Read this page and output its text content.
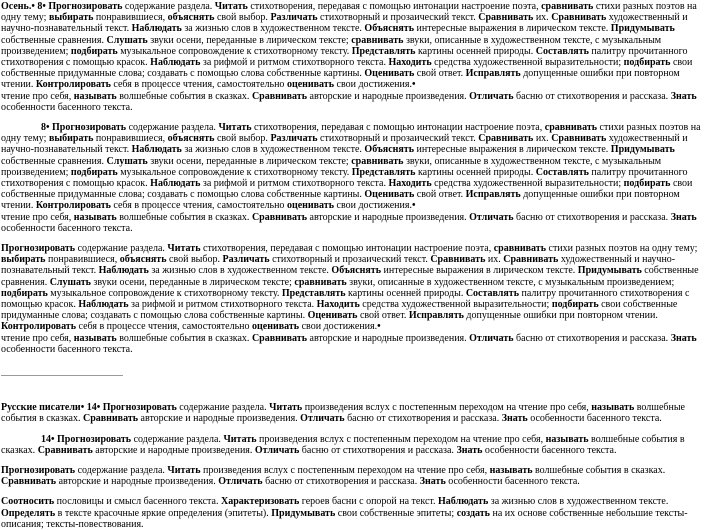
Осень.• 8• Прогнозировать содержание раздела. Читать стихотворения, передавая с помощью интонации настроение поэта, сравнивать стихи разных поэтов на одну тему; выбирать понравившиеся, объяснять свой выбор. Различать стихотворный и прозаический текст. Сравнивать их. Сравнивать художественный и научно-познавательный текст. Наблюдать за жизнью слов в художественном тексте. Объяснять интересные выражения в лирическом тексте. Придумывать собственные сравнения. Слушать звуки осени, переданные в лирическом тексте; сравнивать звуки, описанные в художественном тексте, с музыкальным произведением; подбирать музыкальное сопровождение к стихотворному тексту. Представлять картины осенней природы. Составлять палитру прочитанного стихотворения с помощью красок. Наблюдать за рифмой и ритмом стихотворного текста. Находить средства художественной выразительности; подбирать свои собственные придуманные слова; создавать с помощью слова собственные картины. Оценивать свой ответ. Исправлять допущенные ошибки при повторном чтении. Контролировать себя в процессе чтения, самостоятельно оценивать свои достижения.•

чтение про себя, называть волшебные события в сказках. Сравнивать авторские и народные произведения. Отличать басню от стихотворения и рассказа. Знать особенности басенного текста.

8• Прогнозировать содержание раздела. Читать стихотворения, передавая с помощью интонации настроение поэта, сравнивать стихи разных поэтов на одну тему; выбирать понравившиеся, объяснять свой выбор. Различать стихотворный и прозаический текст. Сравнивать их. Сравнивать художественный и научно-познавательный текст. Наблюдать за жизнью слов в художественном тексте. Объяснять интересные выражения в лирическом тексте. Придумывать собственные сравнения. Слушать звуки осени, переданные в лирическом тексте; сравнивать звуки, описанные в художественном тексте, с музыкальным произведением; подбирать музыкальное сопровождение к стихотворному тексту. Представлять картины осенней природы. Составлять палитру прочитанного стихотворения с помощью красок. Наблюдать за рифмой и ритмом стихотворного текста. Находить средства художественной выразительности; подбирать свои собственные придуманные слова; создавать с помощью слова собственные картины. Оценивать свой ответ. Исправлять допущенные ошибки при повторном чтении. Контролировать себя в процессе чтения, самостоятельно оценивать свои достижения.•

чтение про себя, называть волшебные события в сказках. Сравнивать авторские и народные произведения. Отличать басню от стихотворения и рассказа. Знать особенности басенного текста.

Прогнозировать содержание раздела. Читать стихотворения, передавая с помощью интонации настроение поэта, сравнивать стихи разных поэтов на одну тему; выбирать понравившиеся, объяснять свой выбор. Различать стихотворный и прозаический текст. Сравнивать их. Сравнивать художественный и научно-познавательный текст. Наблюдать за жизнью слов в художественном тексте. Объяснять интересные выражения в лирическом тексте. Придумывать собственные сравнения. Слушать звуки осени, переданные в лирическом тексте; сравнивать звуки, описанные в художественном тексте, с музыкальным произведением; подбирать музыкальное сопровождение к стихотворному тексту. Представлять картины осенней природы. Составлять палитру прочитанного стихотворения с помощью красок. Наблюдать за рифмой и ритмом стихотворного текста. Находить средства художественной выразительности; подбирать свои собственные придуманные слова; создавать с помощью слова собственные картины. Оценивать свой ответ. Исправлять допущенные ошибки при повторном чтении. Контролировать себя в процессе чтения, самостоятельно оценивать свои достижения.•

чтение про себя, называть волшебные события в сказках. Сравнивать авторские и народные произведения. Отличать басню от стихотворения и рассказа. Знать особенности басенного текста.

Русские писатели• 14• Прогнозировать содержание раздела. Читать произведения вслух с постепенным переходом на чтение про себя, называть волшебные события в сказках. Сравнивать авторские и народные произведения. Отличать басню от стихотворения и рассказа. Знать особенности басенного текста.

14• Прогнозировать содержание раздела. Читать произведения вслух с постепенным переходом на чтение про себя, называть волшебные события в сказках. Сравнивать авторские и народные произведения. Отличать басню от стихотворения и рассказа. Знать особенности басенного текста.

Прогнозировать содержание раздела. Читать произведения вслух с постепенным переходом на чтение про себя, называть волшебные события в сказках. Сравнивать авторские и народные произведения. Отличать басню от стихотворения и рассказа. Знать особенности басенного текста.

Соотносить пословицы и смысл басенного текста. Характеризовать героев басни с опорой на текст. Наблюдать за жизнью слов в художественном тексте. Определять в тексте красочные яркие определения (эпитеты). Придумывать свои собственные эпитеты; создать на их основе собственные небольшие тексты-описания; тексты-повествования.
